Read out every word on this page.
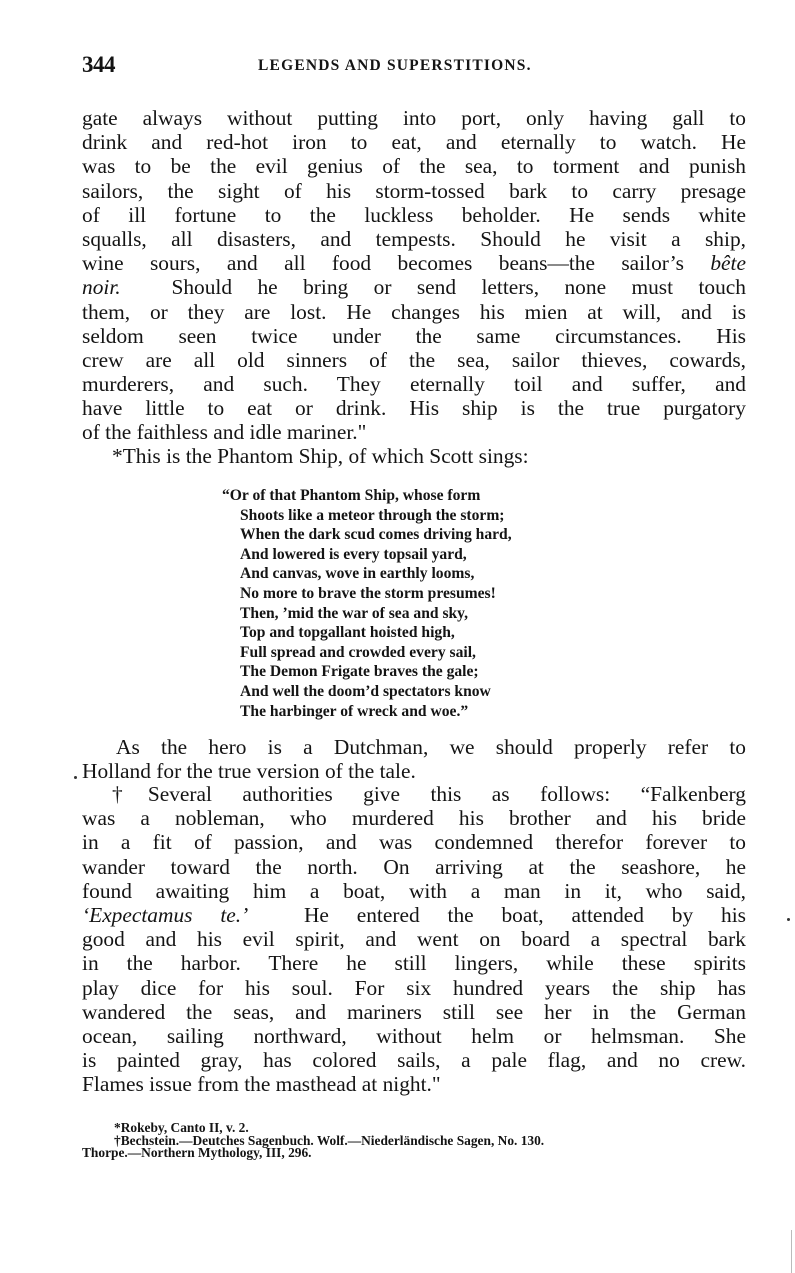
344	LEGENDS AND SUPERSTITIONS.
gate always without putting into port, only having gall to
drink and red-hot iron to eat, and eternally to watch. He
was to be the evil genius of the sea, to torment and punish
sailors, the sight of his storm-tossed bark to carry presage
of ill fortune to the luckless beholder. He sends white
squalls, all disasters, and tempests. Should he visit a ship,
wine sours, and all food becomes beans—the sailor’s bête
noir. Should he bring or send letters, none must touch
them, or they are lost. He changes his mien at will, and is
seldom seen twice under the same circumstances. His
crew are all old sinners of the sea, sailor thieves, cowards,
murderers, and such. They eternally toil and suffer, and
have little to eat or drink. His ship is the true purgatory
of the faithless and idle mariner."
*This is the Phantom Ship, of which Scott sings:
“Or of that Phantom Ship, whose form
Shoots like a meteor through the storm;
When the dark scud comes driving hard,
And lowered is every topsail yard,
And canvas, wove in earthly looms,
No more to brave the storm presumes!
Then, ’mid the war of sea and sky,
Top and topgallant hoisted high,
Full spread and crowded every sail,
The Demon Frigate braves the gale;
And well the doom’d spectators know
The harbinger of wreck and woe.”
As the hero is a Dutchman, we should properly refer to
Holland for the true version of the tale.
†Several authorities give this as follows: “Falkenberg
was a nobleman, who murdered his brother and his bride
in a fit of passion, and was condemned therefor forever to
wander toward the north. On arriving at the seashore, he
found awaiting him a boat, with a man in it, who said,
‘Expectamus te.’	He entered the boat, attended by his
good and his evil spirit, and went on board a spectral bark
in the harbor. There he still lingers, while these spirits
play dice for his soul. For six hundred years the ship has
wandered the seas, and mariners still see her in the German
ocean, sailing northward, without helm or helmsman. She
is painted gray, has colored sails, a pale flag, and no crew.
Flames issue from the masthead at night."
*Rokeby, Canto II, v. 2.
†Bechstein.—Deutches Sagenbuch. Wolf.—Niederländische Sagen, No. 130.
Thorpe.—Northern Mythology, III, 296.
